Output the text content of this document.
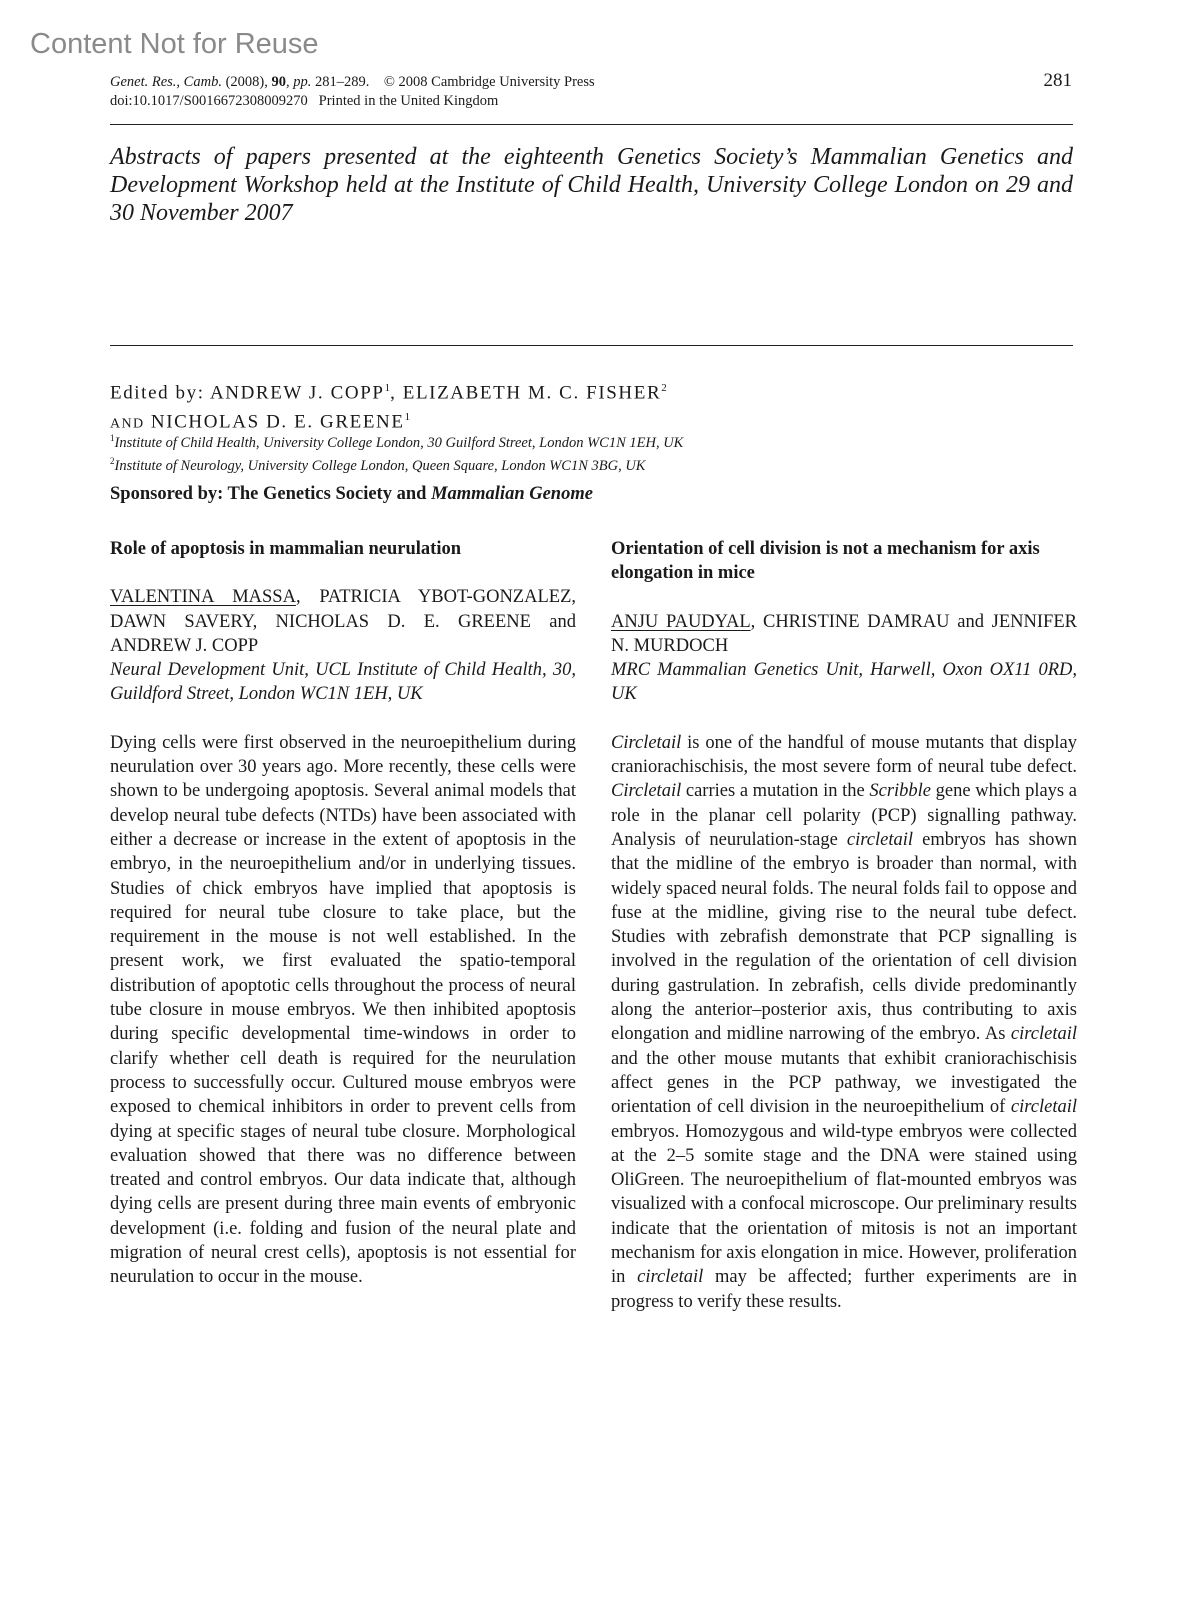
Content Not for Reuse
Genet. Res., Camb. (2008), 90, pp. 281–289. © 2008 Cambridge University Press
doi:10.1017/S0016672308009270 Printed in the United Kingdom
281
Abstracts of papers presented at the eighteenth Genetics Society’s Mammalian Genetics and Development Workshop held at the Institute of Child Health, University College London on 29 and 30 November 2007
Edited by: ANDREW J. COPP$^1$, ELIZABETH M. C. FISHER$^2$
AND NICHOLAS D. E. GREENE$^1$
$^1$Institute of Child Health, University College London, 30 Guilford Street, London WC1N 1EH, UK
$^2$Institute of Neurology, University College London, Queen Square, London WC1N 3BG, UK
Sponsored by: The Genetics Society and Mammalian Genome
Role of apoptosis in mammalian neurulation
VALENTINA MASSA, PATRICIA YBOT-GONZALEZ, DAWN SAVERY, NICHOLAS D. E. GREENE and ANDREW J. COPP
Neural Development Unit, UCL Institute of Child Health, 30, Guildford Street, London WC1N 1EH, UK
Dying cells were first observed in the neuroepithelium during neurulation over 30 years ago. More recently, these cells were shown to be undergoing apoptosis. Several animal models that develop neural tube defects (NTDs) have been associated with either a decrease or increase in the extent of apoptosis in the embryo, in the neuroepithelium and/or in underlying tissues. Studies of chick embryos have implied that apoptosis is required for neural tube closure to take place, but the requirement in the mouse is not well established. In the present work, we first evaluated the spatio-temporal distribution of apoptotic cells throughout the process of neural tube closure in mouse embryos. We then inhibited apoptosis during specific developmental time-windows in order to clarify whether cell death is required for the neurulation process to successfully occur. Cultured mouse embryos were exposed to chemical inhibitors in order to prevent cells from dying at specific stages of neural tube closure. Morphological evaluation showed that there was no difference between treated and control embryos. Our data indicate that, although dying cells are present during three main events of embryonic development (i.e. folding and fusion of the neural plate and migration of neural crest cells), apoptosis is not essential for neurulation to occur in the mouse.
Orientation of cell division is not a mechanism for axis elongation in mice
ANJU PAUDYAL, CHRISTINE DAMRAU and JENNIFER N. MURDOCH
MRC Mammalian Genetics Unit, Harwell, Oxon OX11 0RD, UK
Circletail is one of the handful of mouse mutants that display craniorachischisis, the most severe form of neural tube defect. Circletail carries a mutation in the Scribble gene which plays a role in the planar cell polarity (PCP) signalling pathway. Analysis of neurulation-stage circletail embryos has shown that the midline of the embryo is broader than normal, with widely spaced neural folds. The neural folds fail to oppose and fuse at the midline, giving rise to the neural tube defect. Studies with zebrafish demonstrate that PCP signalling is involved in the regulation of the orientation of cell division during gastrulation. In zebrafish, cells divide predominantly along the anterior–posterior axis, thus contributing to axis elongation and midline narrowing of the embryo. As circletail and the other mouse mutants that exhibit craniorachischisis affect genes in the PCP pathway, we investigated the orientation of cell division in the neuroepithelium of circletail embryos. Homozygous and wild-type embryos were collected at the 2–5 somite stage and the DNA were stained using OliGreen. The neuroepithelium of flat-mounted embryos was visualized with a confocal microscope. Our preliminary results indicate that the orientation of mitosis is not an important mechanism for axis elongation in mice. However, proliferation in circletail may be affected; further experiments are in progress to verify these results.
